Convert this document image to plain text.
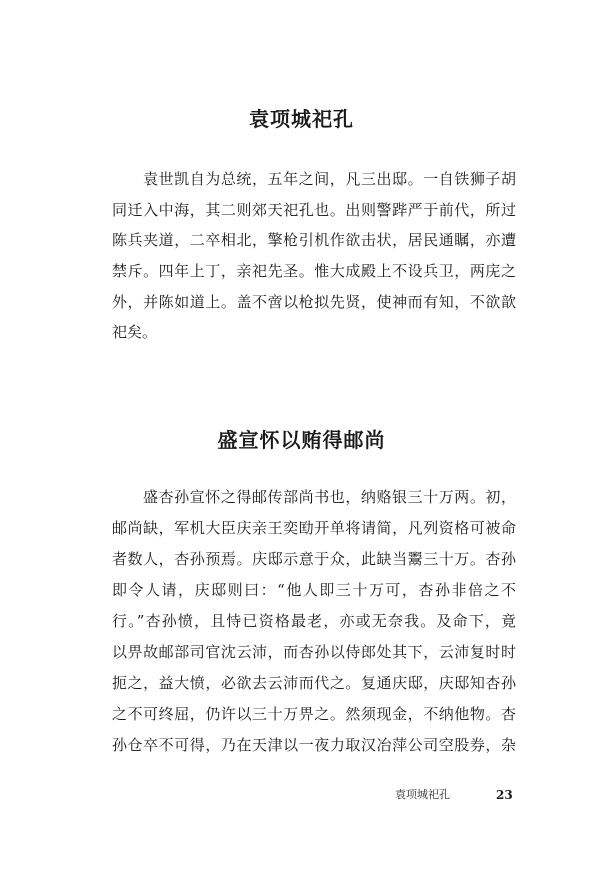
袁项城祀孔

袁世凯自为总统，五年之间，凡三出邸。一自铁狮子胡

同迁入中海，其二则郊天祀孔也。出则警跸严于前代，所过

陈兵夹道，二卒相北，擎枪引机作欲击状，居民通瞩，亦遭

禁斥。四年上丁，亲祀先圣。惟大成殿上不设兵卫，两庑之

外，并陈如道上。盖不啻以枪拟先贤，使神而有知，不欲歆

祀矣。

盛宣怀以贿得邮尚

盛杏孙宣怀之得邮传部尚书也，纳赂银三十万两。初，

邮尚缺，军机大臣庆亲王奕劻开单将请简，凡列资格可被命

者数人，杏孙预焉。庆邸示意于众，此缺当鬻三十万。杏孙

即令人请，庆邸则曰：“他人即三十万可，杏孙非倍之不

行。”杏孙愤，且恃已资格最老，亦或无奈我。及命下，竟

以畀故邮部司官沈云沛，而杏孙以侍郎处其下，云沛复时时

扼之，益大愤，必欲去云沛而代之。复通庆邸，庆邸知杏孙

之不可终屈，仍许以三十万畀之。然须现金，不纳他物。杏

孙仓卒不可得，乃在天津以一夜力取汉冶萍公司空股券，杂

袁项城祀孔	23
